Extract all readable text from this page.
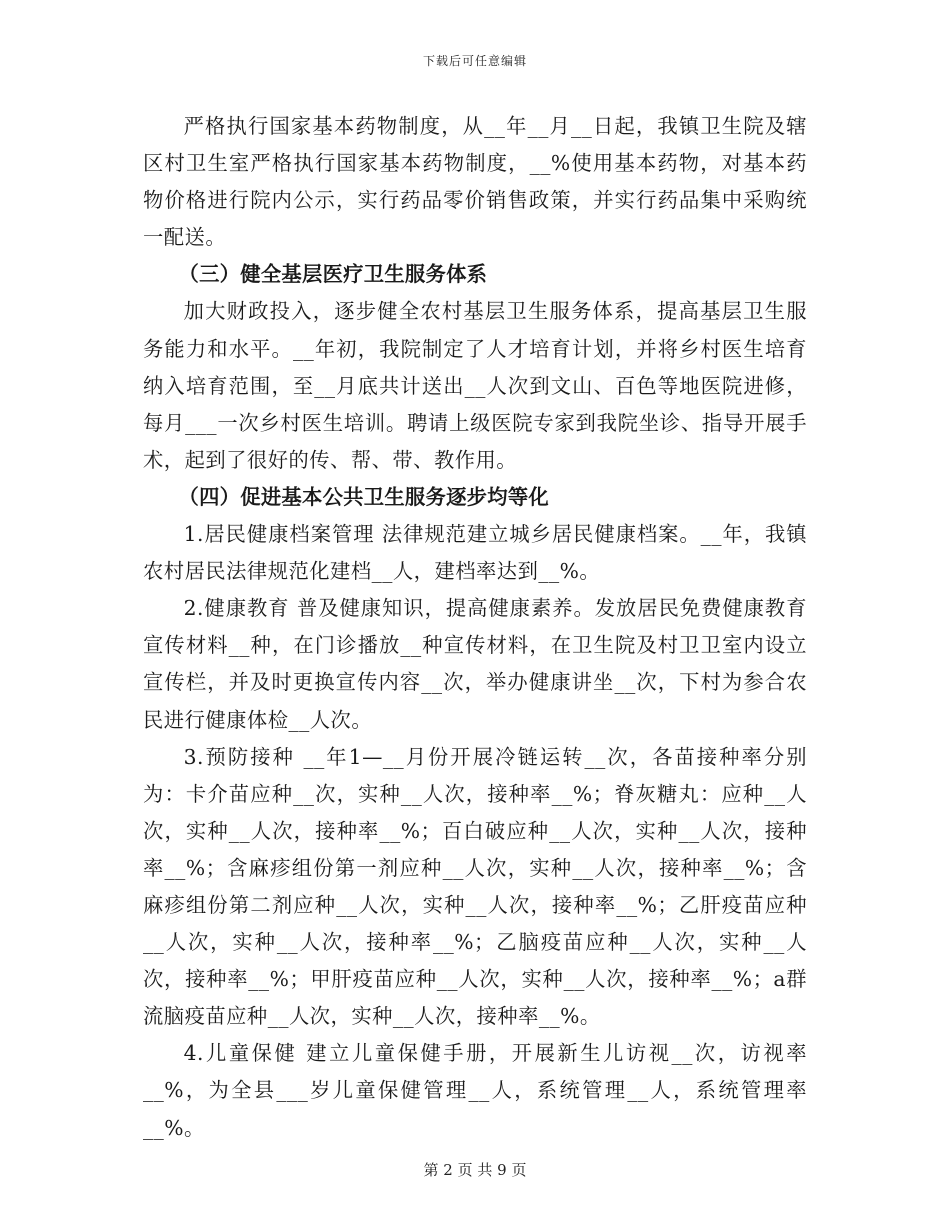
下载后可任意编辑

严格执行国家基本药物制度，从__年__月__日起，我镇卫生院及辖区村卫生室严格执行国家基本药物制度，__%使用基本药物，对基本药物价格进行院内公示，实行药品零价销售政策，并实行药品集中采购统一配送。

（三）健全基层医疗卫生服务体系

加大财政投入，逐步健全农村基层卫生服务体系，提高基层卫生服务能力和水平。__年初，我院制定了人才培育计划，并将乡村医生培育纳入培育范围，至__月底共计送出__人次到文山、百色等地医院进修，每月___一次乡村医生培训。聘请上级医院专家到我院坐诊、指导开展手术，起到了很好的传、帮、带、教作用。

（四）促进基本公共卫生服务逐步均等化

1.居民健康档案管理 法律规范建立城乡居民健康档案。__年，我镇农村居民法律规范化建档__人，建档率达到__%。

2.健康教育 普及健康知识，提高健康素养。发放居民免费健康教育宣传材料__种，在门诊播放__种宣传材料，在卫生院及村卫卫室内设立宣传栏，并及时更换宣传内容__次，举办健康讲坐__次，下村为参合农民进行健康体检__人次。

3.预防接种 __年1—__月份开展冷链运转__次，各苗接种率分别为：卡介苗应种__次，实种__人次，接种率__%；脊灰糖丸：应种__人次，实种__人次，接种率__%；百白破应种__人次，实种__人次，接种率__%；含麻疹组份第一剂应种__人次，实种__人次，接种率__%；含麻疹组份第二剂应种__人次，实种__人次，接种率__%；乙肝疫苗应种__人次，实种__人次，接种率__%；乙脑疫苗应种__人次，实种__人次，接种率__%；甲肝疫苗应种__人次，实种__人次，接种率__%；a群流脑疫苗应种__人次，实种__人次，接种率__%。

4.儿童保健 建立儿童保健手册，开展新生儿访视__次，访视率__%，为全县___岁儿童保健管理__人，系统管理__人，系统管理率__%。

第 2 页 共 9 页
